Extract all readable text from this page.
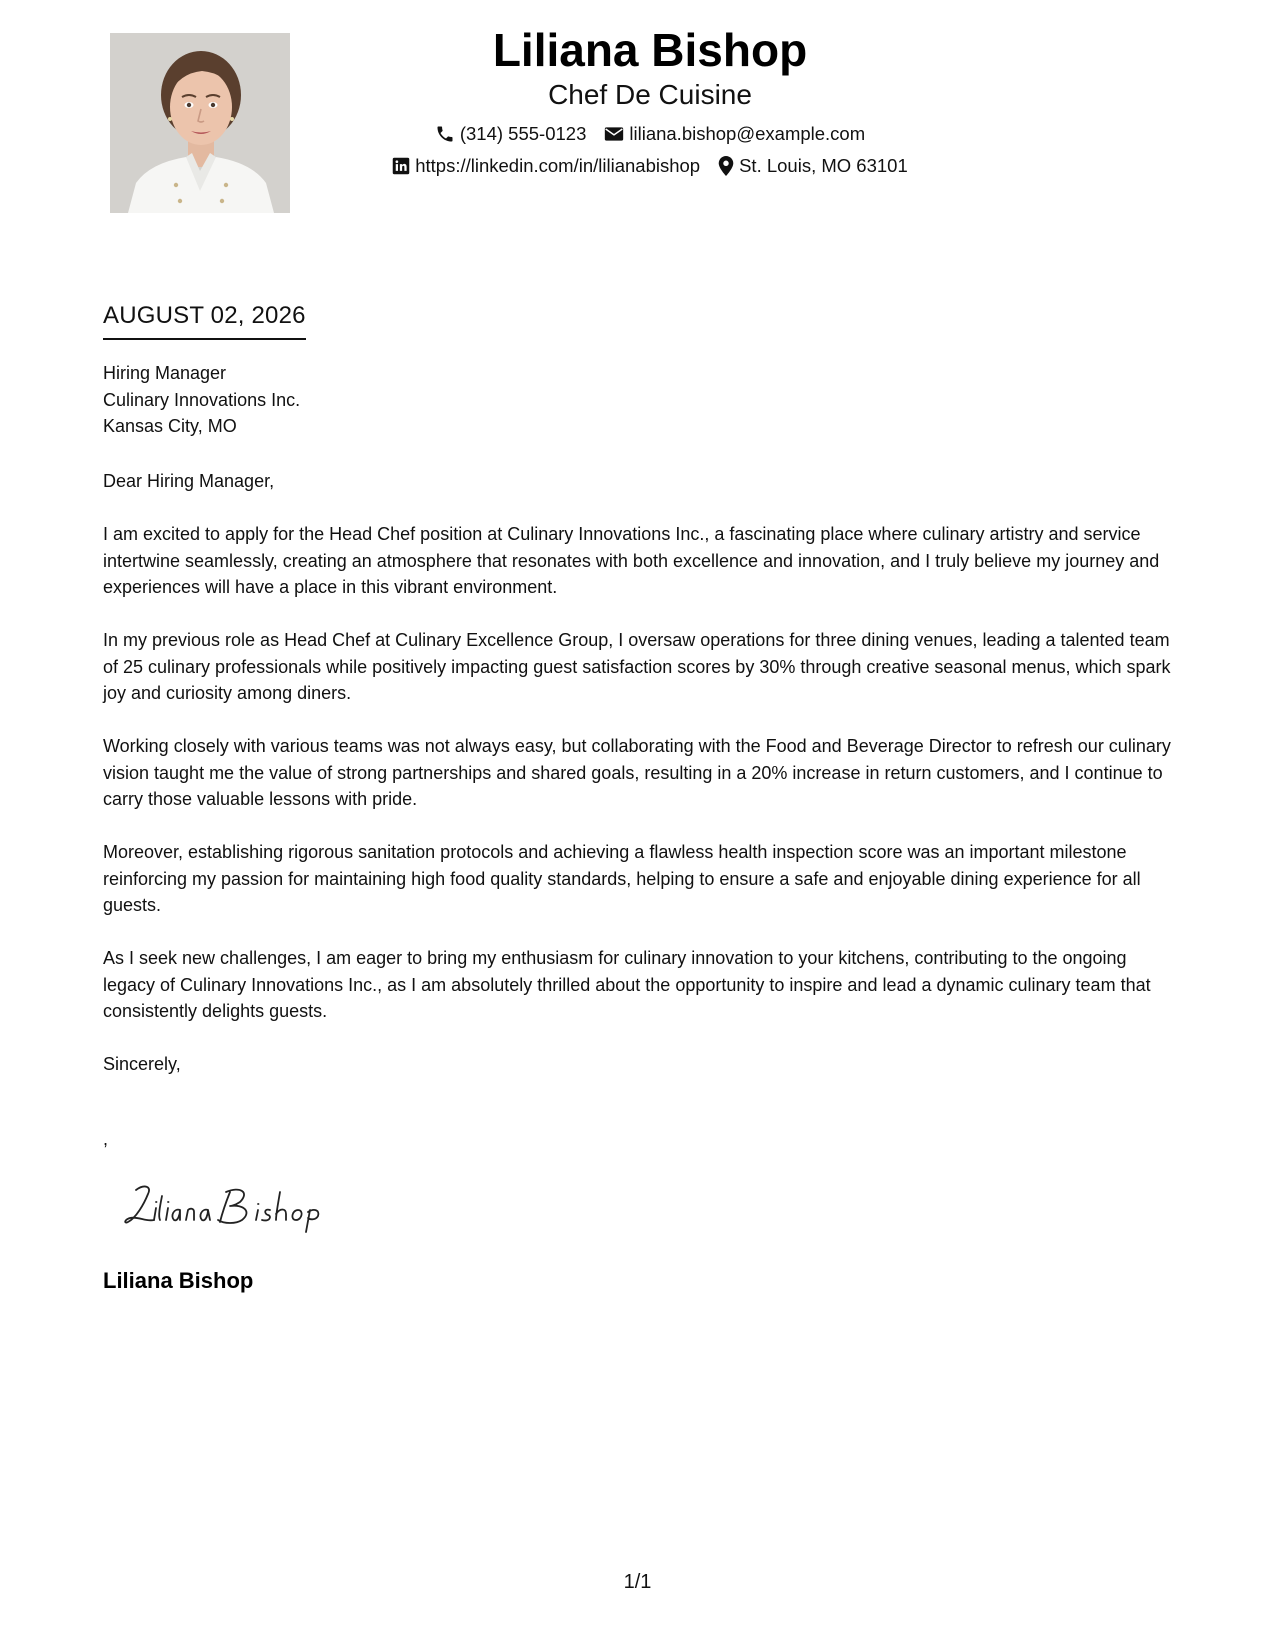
Liliana Bishop
Chef De Cuisine
(314) 555-0123 liliana.bishop@example.com
https://linkedin.com/in/lilianabishop St. Louis, MO 63101
AUGUST 02, 2026
Hiring Manager
Culinary Innovations Inc.
Kansas City, MO

Dear Hiring Manager,

I am excited to apply for the Head Chef position at Culinary Innovations Inc., a fascinating place where culinary artistry and service intertwine seamlessly, creating an atmosphere that resonates with both excellence and innovation, and I truly believe my journey and experiences will have a place in this vibrant environment.

In my previous role as Head Chef at Culinary Excellence Group, I oversaw operations for three dining venues, leading a talented team of 25 culinary professionals while positively impacting guest satisfaction scores by 30% through creative seasonal menus, which spark joy and curiosity among diners.

Working closely with various teams was not always easy, but collaborating with the Food and Beverage Director to refresh our culinary vision taught me the value of strong partnerships and shared goals, resulting in a 20% increase in return customers, and I continue to carry those valuable lessons with pride.

Moreover, establishing rigorous sanitation protocols and achieving a flawless health inspection score was an important milestone reinforcing my passion for maintaining high food quality standards, helping to ensure a safe and enjoyable dining experience for all guests.

As I seek new challenges, I am eager to bring my enthusiasm for culinary innovation to your kitchens, contributing to the ongoing legacy of Culinary Innovations Inc., as I am absolutely thrilled about the opportunity to inspire and lead a dynamic culinary team that consistently delights guests.

Sincerely,

,
Liliana Bishop
1/1
